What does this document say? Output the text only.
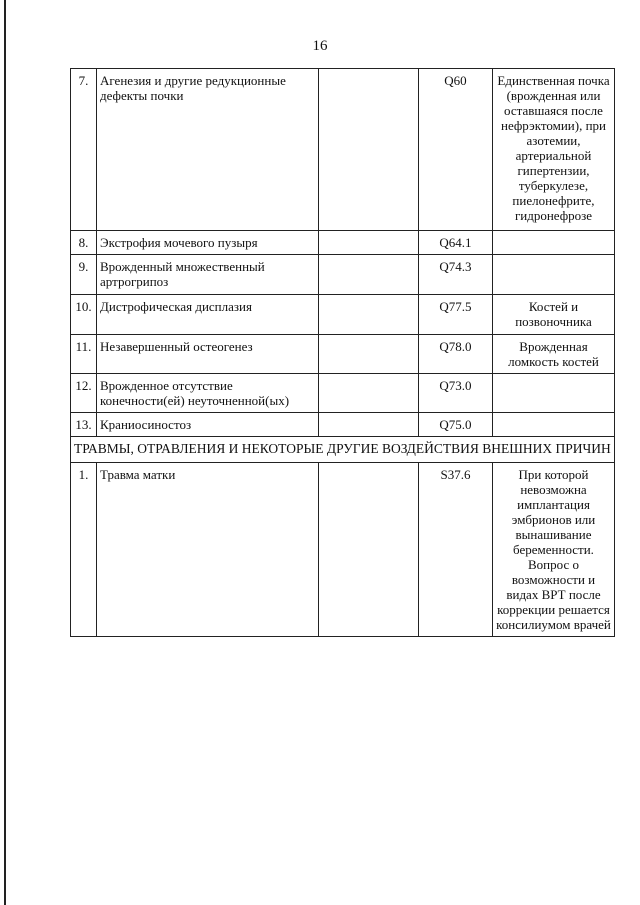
16
7.	Агенезия и другие редукционные дефекты почки		Q60	Единственная почка (врожденная или оставшаяся после нефрэктомии), при азотемии, артериальной гипертензии, туберкулезе, пиелонефрите, гидронефрозе
8.	Экстрофия мочевого пузыря		Q64.1	
9.	Врожденный множественный артрогрипоз		Q74.3	
10.	Дистрофическая дисплазия		Q77.5	Костей и позвоночника
11.	Незавершенный остеогенез		Q78.0	Врожденная ломкость костей
12.	Врожденное отсутствие конечности(ей) неуточненной(ых)		Q73.0	
13.	Краниосиностоз		Q75.0	
ТРАВМЫ, ОТРАВЛЕНИЯ И НЕКОТОРЫЕ ДРУГИЕ ВОЗДЕЙСТВИЯ ВНЕШНИХ ПРИЧИН				
1.	Травма матки		S37.6	При которой невозможна имплантация эмбрионов или вынашивание беременности. Вопрос о возможности и видах ВРТ после коррекции решается консилиумом врачей
